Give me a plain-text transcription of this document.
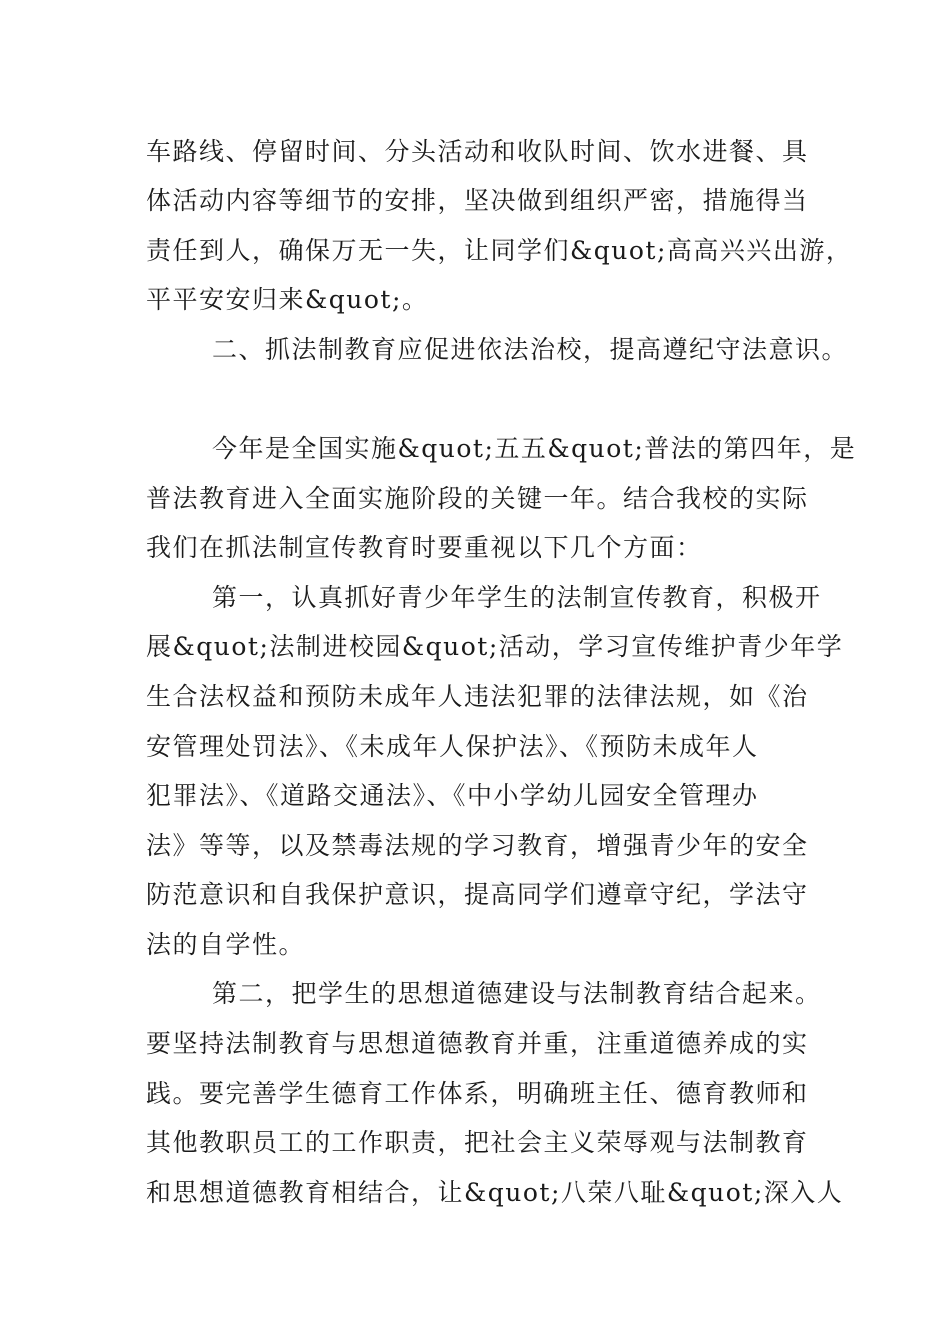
车路线、停留时间、分头活动和收队时间、饮水进餐、具
体活动内容等细节的安排，坚决做到组织严密，措施得当
责任到人，确保万无一失，让同学们&quot;高高兴兴出游，
平平安安归来&quot;。
二、抓法制教育应促进依法治校，提高遵纪守法意识。
今年是全国实施&quot;五五&quot;普法的第四年，是
普法教育进入全面实施阶段的关键一年。结合我校的实际
我们在抓法制宣传教育时要重视以下几个方面：
第一，认真抓好青少年学生的法制宣传教育，积极开
展&quot;法制进校园&quot;活动，学习宣传维护青少年学
生合法权益和预防未成年人违法犯罪的法律法规，如《治
安管理处罚法》、《未成年人保护法》、《预防未成年人
犯罪法》、《道路交通法》、《中小学幼儿园安全管理办
法》等等，以及禁毒法规的学习教育，增强青少年的安全
防范意识和自我保护意识，提高同学们遵章守纪，学法守
法的自学性。
第二，把学生的思想道德建设与法制教育结合起来。
要坚持法制教育与思想道德教育并重，注重道德养成的实
践。要完善学生德育工作体系，明确班主任、德育教师和
其他教职员工的工作职责，把社会主义荣辱观与法制教育
和思想道德教育相结合，让&quot;八荣八耻&quot;深入人
